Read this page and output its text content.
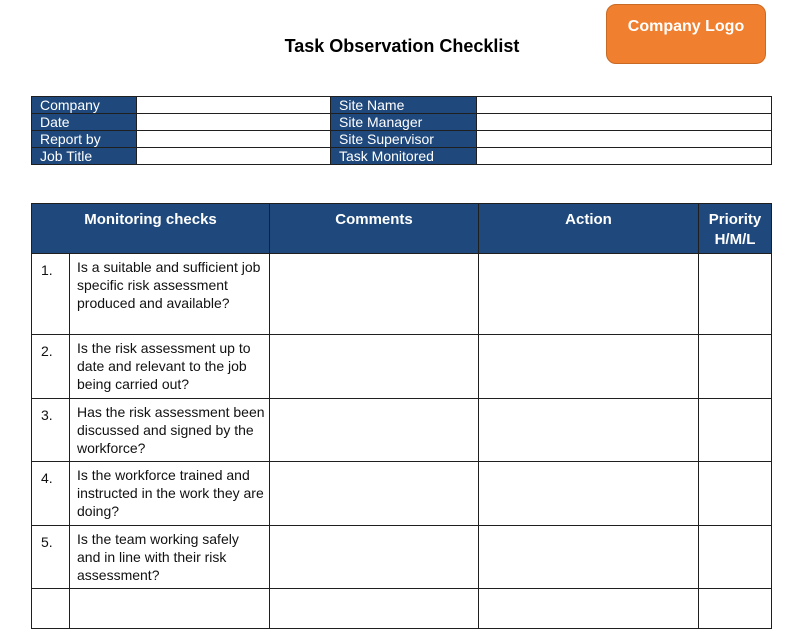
Company Logo
Task Observation Checklist
Company		Site Name	
Date		Site Manager	
Report by		Site Supervisor	
Job Title		Task Monitored	
Monitoring checks		Comments	Action	Priority
H/M/L
1.	Is a suitable and sufficient job specific risk assessment produced and available?			
2.	Is the risk assessment up to date and relevant to the job being carried out?			
3.	Has the risk assessment been discussed and signed by the workforce?			
4.	Is the workforce trained and instructed in the work they are doing?			
5.	Is the team working safely and in line with their risk assessment?			
